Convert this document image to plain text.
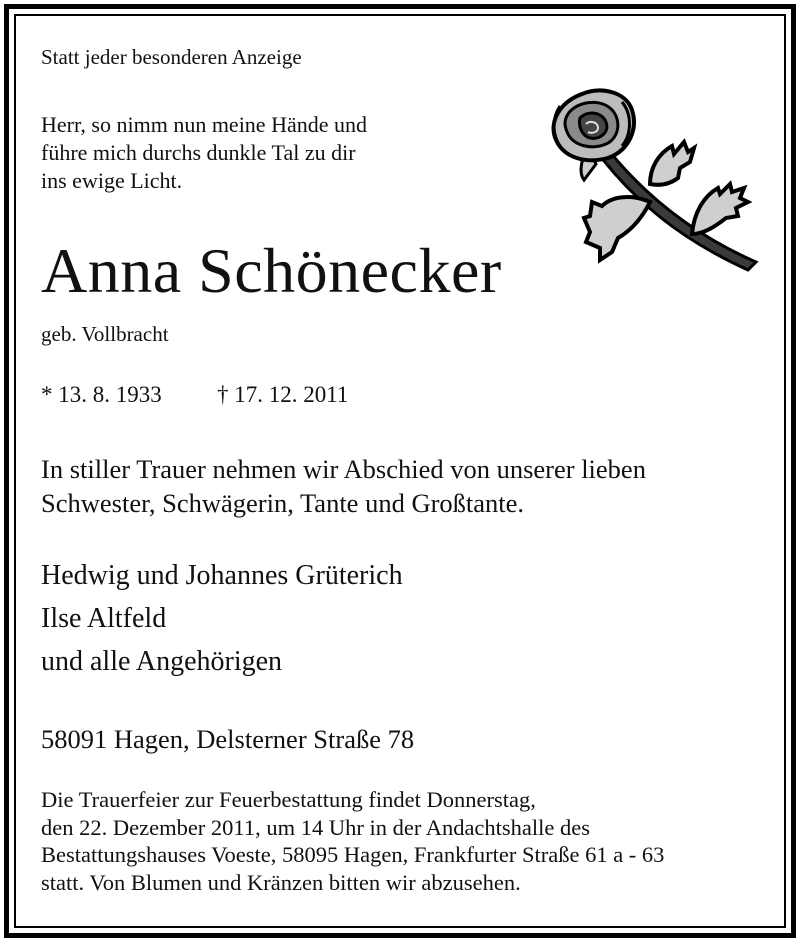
Statt jeder besonderen Anzeige

Herr, so nimm nun meine Hände und
führe mich durchs dunkle Tal zu dir
ins ewige Licht.
Anna Schönecker

geb. Vollbracht

* 13. 8. 1933 † 17. 12. 2011
In stiller Trauer nehmen wir Abschied von unserer lieben
Schwester, Schwägerin, Tante und Großtante.
Hedwig und Johannes Grüterich
Ilse Altfeld
und alle Angehörigen

58091 Hagen, Delsterner Straße 78

Die Trauerfeier zur Feuerbestattung findet Donnerstag,
den 22. Dezember 2011, um 14 Uhr in der Andachtshalle des
Bestattungshauses Voeste, 58095 Hagen, Frankfurter Straße 61 a - 63
statt. Von Blumen und Kränzen bitten wir abzusehen.
